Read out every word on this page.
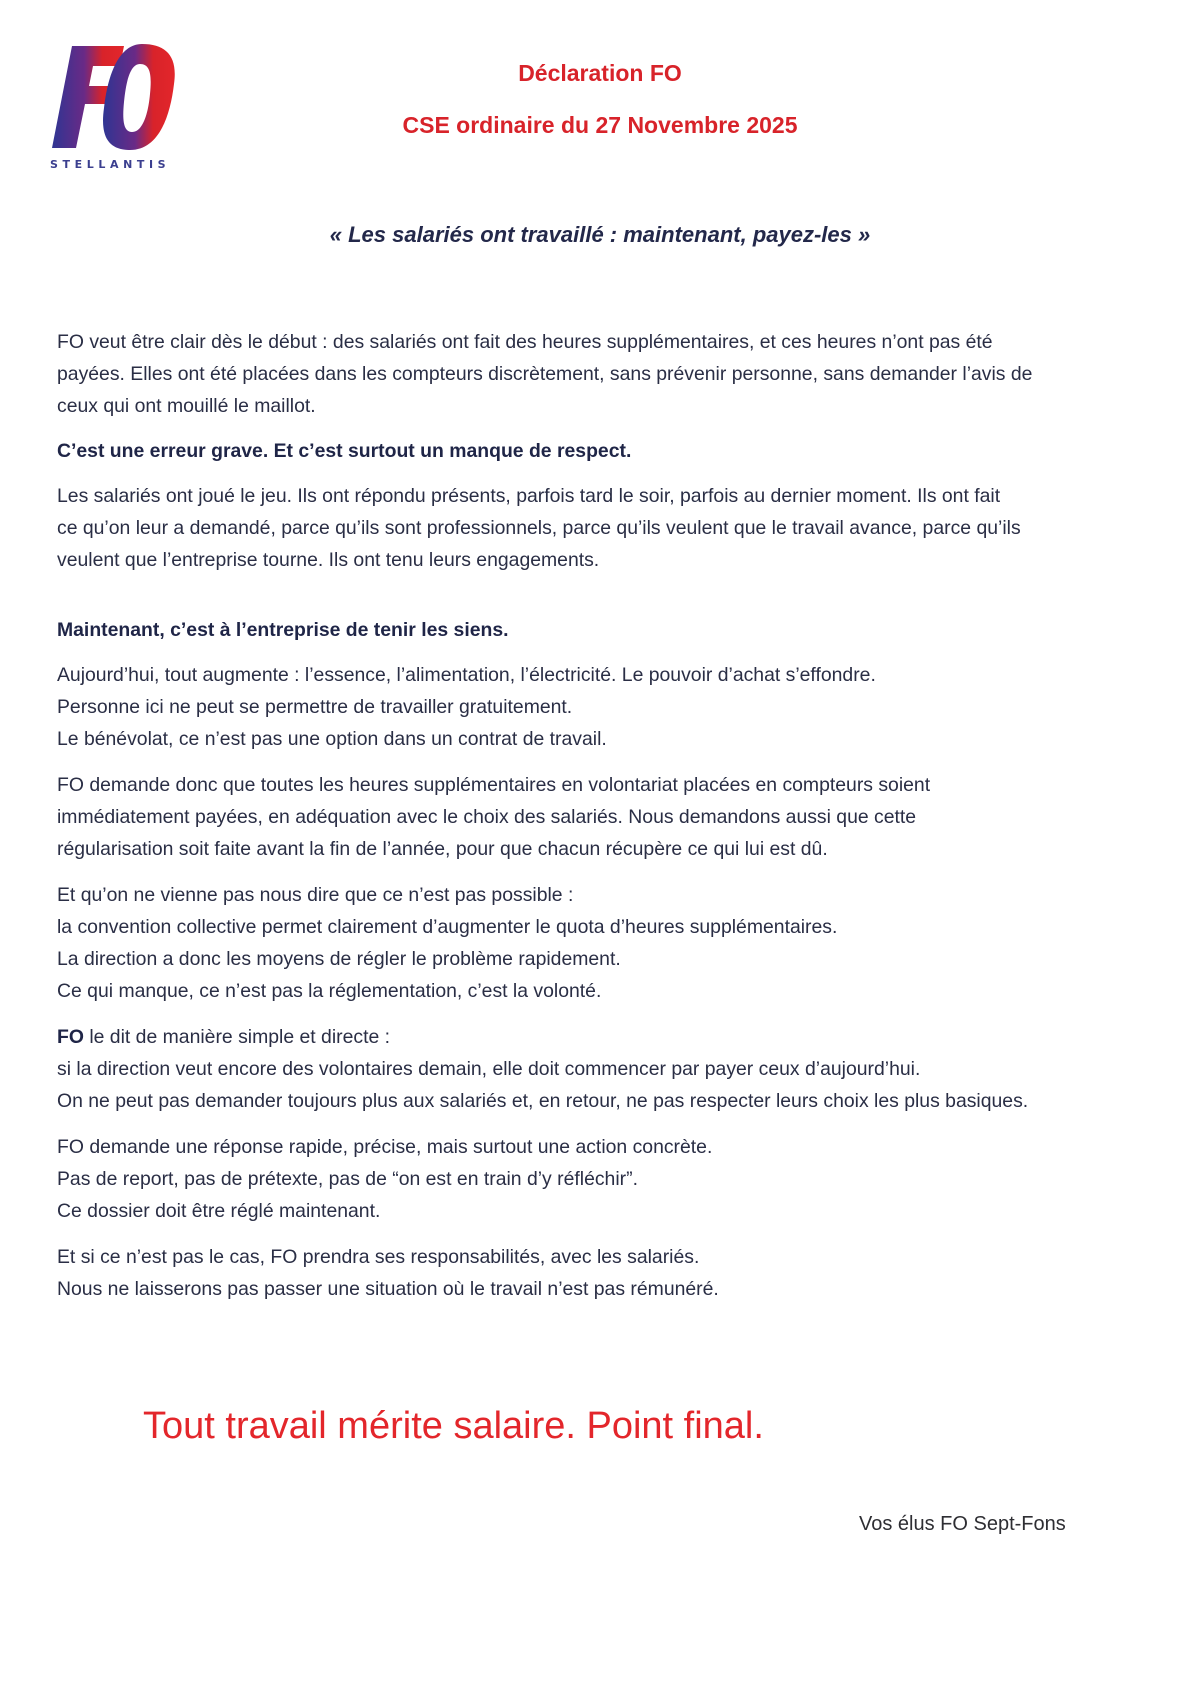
STELLANTIS
Déclaration FO
CSE ordinaire du 27 Novembre 2025
« Les salariés ont travaillé : maintenant, payez-les »

FO veut être clair dès le début : des salariés ont fait des heures supplémentaires, et ces heures n’ont pas été
payées. Elles ont été placées dans les compteurs discrètement, sans prévenir personne, sans demander l’avis de
ceux qui ont mouillé le maillot.

C’est une erreur grave. Et c’est surtout un manque de respect.

Les salariés ont joué le jeu. Ils ont répondu présents, parfois tard le soir, parfois au dernier moment. Ils ont fait
ce qu’on leur a demandé, parce qu’ils sont professionnels, parce qu’ils veulent que le travail avance, parce qu’ils
veulent que l’entreprise tourne. Ils ont tenu leurs engagements.

Maintenant, c’est à l’entreprise de tenir les siens.

Aujourd’hui, tout augmente : l’essence, l’alimentation, l’électricité. Le pouvoir d’achat s’effondre.
Personne ici ne peut se permettre de travailler gratuitement.
Le bénévolat, ce n’est pas une option dans un contrat de travail.

FO demande donc que toutes les heures supplémentaires en volontariat placées en compteurs soient
immédiatement payées, en adéquation avec le choix des salariés. Nous demandons aussi que cette
régularisation soit faite avant la fin de l’année, pour que chacun récupère ce qui lui est dû.

Et qu’on ne vienne pas nous dire que ce n’est pas possible :
la convention collective permet clairement d’augmenter le quota d’heures supplémentaires.
La direction a donc les moyens de régler le problème rapidement.
Ce qui manque, ce n’est pas la réglementation, c’est la volonté.

FO le dit de manière simple et directe :
si la direction veut encore des volontaires demain, elle doit commencer par payer ceux d’aujourd’hui.
On ne peut pas demander toujours plus aux salariés et, en retour, ne pas respecter leurs choix les plus basiques.

FO demande une réponse rapide, précise, mais surtout une action concrète.
Pas de report, pas de prétexte, pas de “on est en train d’y réfléchir”.
Ce dossier doit être réglé maintenant.

Et si ce n’est pas le cas, FO prendra ses responsabilités, avec les salariés.
Nous ne laisserons pas passer une situation où le travail n’est pas rémunéré.

Tout travail mérite salaire. Point final.
Vos élus FO Sept-Fons
